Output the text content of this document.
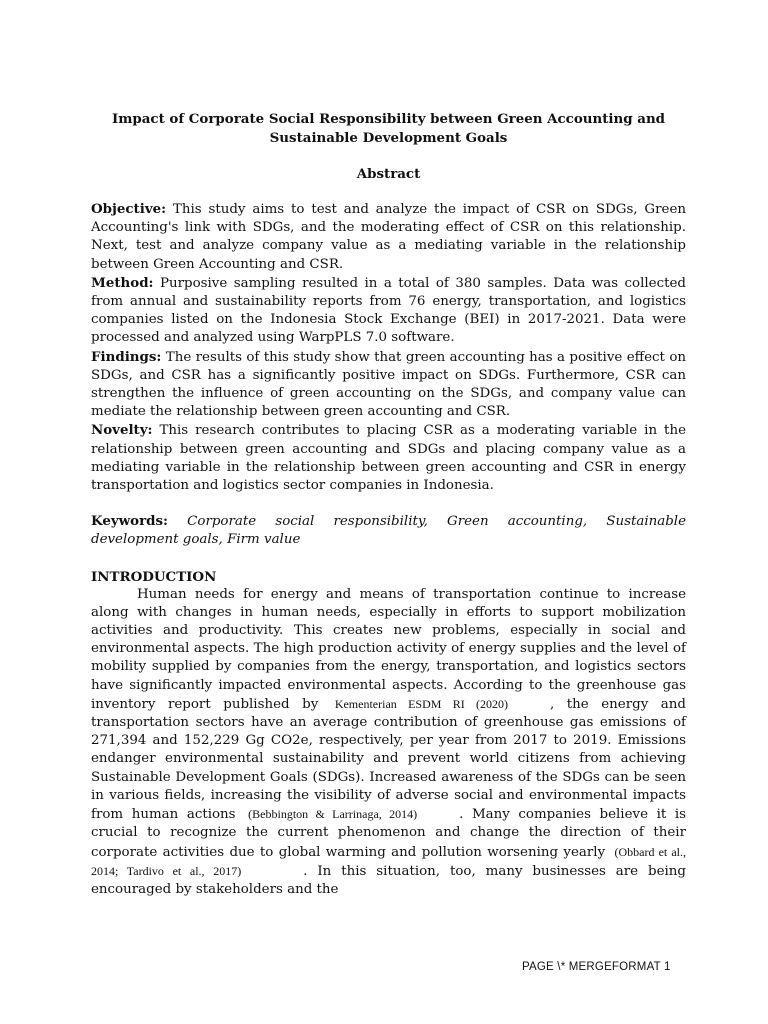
Impact of Corporate Social Responsibility between Green Accounting and Sustainable Development Goals

Abstract

Objective: This study aims to test and analyze the impact of CSR on SDGs, Green Accounting's link with SDGs, and the moderating effect of CSR on this relationship. Next, test and analyze company value as a mediating variable in the relationship between Green Accounting and CSR.

Method: Purposive sampling resulted in a total of 380 samples. Data was collected from annual and sustainability reports from 76 energy, transportation, and logistics companies listed on the Indonesia Stock Exchange (BEI) in 2017-2021. Data were processed and analyzed using WarpPLS 7.0 software.

Findings: The results of this study show that green accounting has a positive effect on SDGs, and CSR has a significantly positive impact on SDGs. Furthermore, CSR can strengthen the influence of green accounting on the SDGs, and company value can mediate the relationship between green accounting and CSR.

Novelty: This research contributes to placing CSR as a moderating variable in the relationship between green accounting and SDGs and placing company value as a mediating variable in the relationship between green accounting and CSR in energy transportation and logistics sector companies in Indonesia.

Keywords: Corporate social responsibility, Green accounting, Sustainable development goals, Firm value

INTRODUCTION

Human needs for energy and means of transportation continue to increase along with changes in human needs, especially in efforts to support mobilization activities and productivity. This creates new problems, especially in social and environmental aspects. The high production activity of energy supplies and the level of mobility supplied by companies from the energy, transportation, and logistics sectors have significantly impacted environmental aspects. According to the greenhouse gas inventory report published by Kementerian ESDM RI (2020)	, the energy and transportation sectors have an average contribution of greenhouse gas emissions of 271,394 and 152,229 Gg CO2e, respectively, per year from 2017 to 2019. Emissions endanger environmental sustainability and prevent world citizens from achieving Sustainable Development Goals (SDGs). Increased awareness of the SDGs can be seen in various fields, increasing the visibility of adverse social and environmental impacts from human actions (Bebbington & Larrinaga, 2014)	. Many companies believe it is crucial to recognize the current phenomenon and change the direction of their corporate activities due to global warming and pollution worsening yearly (Obbard et al., 2014; Tardivo et al., 2017)	. In this situation, too, many businesses are being encouraged by stakeholders and the

PAGE \* MERGEFORMAT 1
